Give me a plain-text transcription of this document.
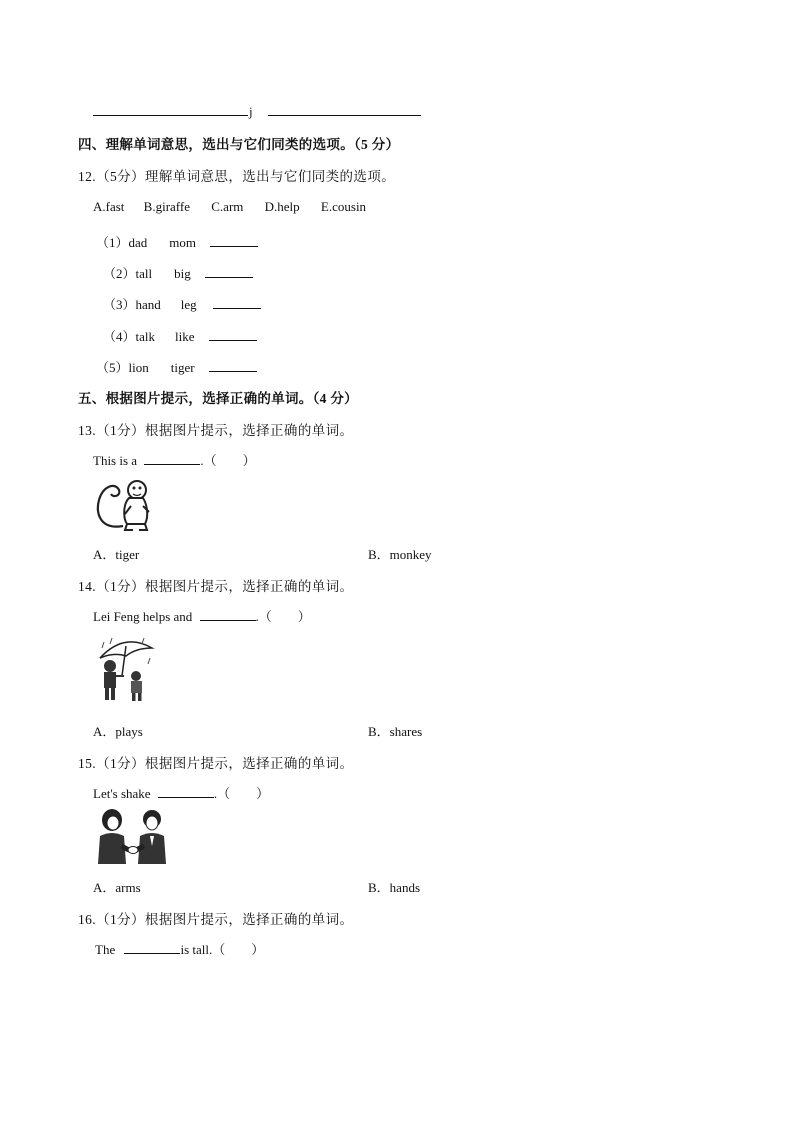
j
四、理解单词意思，选出与它们同类的选项。（5 分）
12.（5分）理解单词意思，选出与它们同类的选项。
A.fast B.giraffe C.arm D.help E.cousin
（1）dad mom
（2）tall big
（3）hand leg
（4）talk like
（5）lion tiger
五、根据图片提示，选择正确的单词。（4 分）
13.（1分）根据图片提示，选择正确的单词。
This is a	.（　　）
A．tiger	B．monkey
14.（1分）根据图片提示，选择正确的单词。
Lei Feng helps and	.（　　）
A．plays	B．shares
15.（1分）根据图片提示，选择正确的单词。
Let's shake	.（　　）
A．arms	B．hands
16.（1分）根据图片提示，选择正确的单词。
The	is tall.（　　）
